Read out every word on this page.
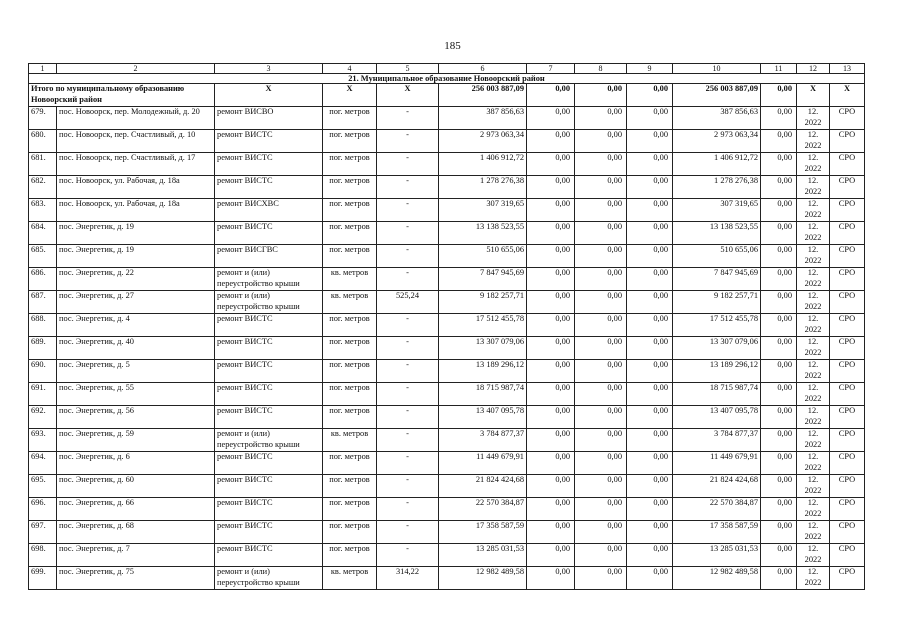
185
1	2	3	4	5	6	7	8	9	10	11	12	13
21. Муниципальное образование Новоорский район												
Итого по муниципальному образованию Новоорский район		X	X	X	256 003 887,09	0,00	0,00	0,00	256 003 887,09	0,00	X	X
679.	пос. Новоорск, пер. Молодежный, д. 20	ремонт ВИСВО	пог. метров	-	387 856,63	0,00	0,00	0,00	387 856,63	0,00	12. 2022	СРО
680.	пос. Новоорск, пер. Счастливый, д. 10	ремонт ВИСТС	пог. метров	-	2 973 063,34	0,00	0,00	0,00	2 973 063,34	0,00	12. 2022	СРО
681.	пос. Новоорск, пер. Счастливый, д. 17	ремонт ВИСТС	пог. метров	-	1 406 912,72	0,00	0,00	0,00	1 406 912,72	0,00	12. 2022	СРО
682.	пос. Новоорск, ул. Рабочая, д. 18а	ремонт ВИСТС	пог. метров	-	1 278 276,38	0,00	0,00	0,00	1 278 276,38	0,00	12. 2022	СРО
683.	пос. Новоорск, ул. Рабочая, д. 18а	ремонт ВИСХВС	пог. метров	-	307 319,65	0,00	0,00	0,00	307 319,65	0,00	12. 2022	СРО
684.	пос. Энергетик, д. 19	ремонт ВИСТС	пог. метров	-	13 138 523,55	0,00	0,00	0,00	13 138 523,55	0,00	12. 2022	СРО
685.	пос. Энергетик, д. 19	ремонт ВИСГВС	пог. метров	-	510 655,06	0,00	0,00	0,00	510 655,06	0,00	12. 2022	СРО
686.	пос. Энергетик, д. 22	ремонт и (или) переустройство крыши	кв. метров	-	7 847 945,69	0,00	0,00	0,00	7 847 945,69	0,00	12. 2022	СРО
687.	пос. Энергетик, д. 27	ремонт и (или) переустройство крыши	кв. метров	525,24	9 182 257,71	0,00	0,00	0,00	9 182 257,71	0,00	12. 2022	СРО
688.	пос. Энергетик, д. 4	ремонт ВИСТС	пог. метров	-	17 512 455,78	0,00	0,00	0,00	17 512 455,78	0,00	12. 2022	СРО
689.	пос. Энергетик, д. 40	ремонт ВИСТС	пог. метров	-	13 307 079,06	0,00	0,00	0,00	13 307 079,06	0,00	12. 2022	СРО
690.	пос. Энергетик, д. 5	ремонт ВИСТС	пог. метров	-	13 189 296,12	0,00	0,00	0,00	13 189 296,12	0,00	12. 2022	СРО
691.	пос. Энергетик, д. 55	ремонт ВИСТС	пог. метров	-	18 715 987,74	0,00	0,00	0,00	18 715 987,74	0,00	12. 2022	СРО
692.	пос. Энергетик, д. 56	ремонт ВИСТС	пог. метров	-	13 407 095,78	0,00	0,00	0,00	13 407 095,78	0,00	12. 2022	СРО
693.	пос. Энергетик, д. 59	ремонт и (или) переустройство крыши	кв. метров	-	3 784 877,37	0,00	0,00	0,00	3 784 877,37	0,00	12. 2022	СРО
694.	пос. Энергетик, д. 6	ремонт ВИСТС	пог. метров	-	11 449 679,91	0,00	0,00	0,00	11 449 679,91	0,00	12. 2022	СРО
695.	пос. Энергетик, д. 60	ремонт ВИСТС	пог. метров	-	21 824 424,68	0,00	0,00	0,00	21 824 424,68	0,00	12. 2022	СРО
696.	пос. Энергетик, д. 66	ремонт ВИСТС	пог. метров	-	22 570 384,87	0,00	0,00	0,00	22 570 384,87	0,00	12. 2022	СРО
697.	пос. Энергетик, д. 68	ремонт ВИСТС	пог. метров	-	17 358 587,59	0,00	0,00	0,00	17 358 587,59	0,00	12. 2022	СРО
698.	пос. Энергетик, д. 7	ремонт ВИСТС	пог. метров	-	13 285 031,53	0,00	0,00	0,00	13 285 031,53	0,00	12. 2022	СРО
699.	пос. Энергетик, д. 75	ремонт и (или) переустройство крыши	кв. метров	314,22	12 982 489,58	0,00	0,00	0,00	12 982 489,58	0,00	12. 2022	СРО
